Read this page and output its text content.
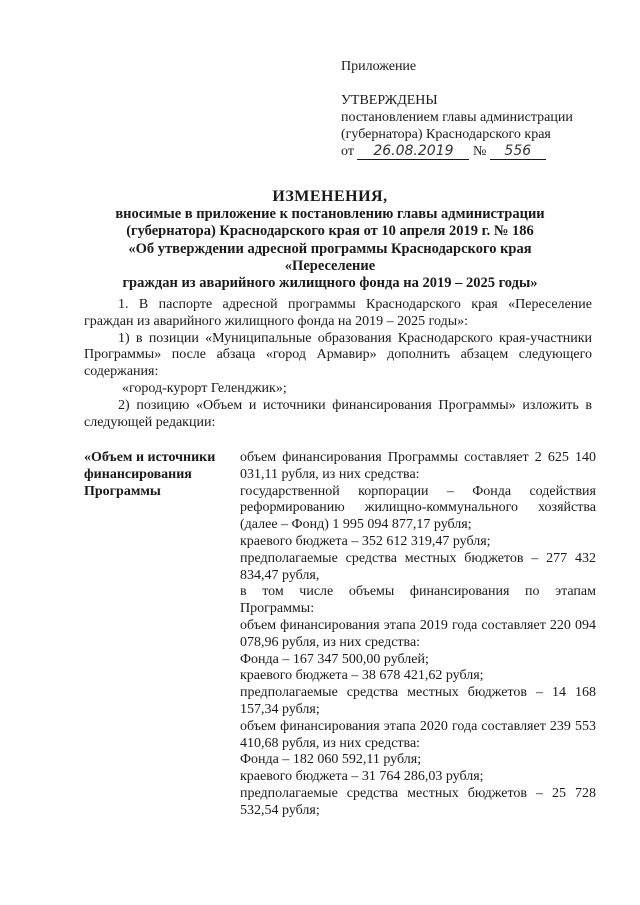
Приложение
УТВЕРЖДЕНЫ
постановлением главы администрации
(губернатора) Краснодарского края
от 26.08.2019 № 556
ИЗМЕНЕНИЯ,
вносимые в приложение к постановлению главы администрации
(губернатора) Краснодарского края от 10 апреля 2019 г. № 186
«Об утверждении адресной программы Краснодарского края «Переселение
граждан из аварийного жилищного фонда на 2019 – 2025 годы»

1. В паспорте адресной программы Краснодарского края «Переселение граждан из аварийного жилищного фонда на 2019 – 2025 годы»:

1) в позиции «Муниципальные образования Краснодарского края-участники Программы» после абзаца «город Армавир» дополнить абзацем следующего содержания:

«город-курорт Геленджик»;

2) позицию «Объем и источники финансирования Программы» изложить в следующей редакции:

«Объем и источники финансирования Программы

объем финансирования Программы составляет 2 625 140 031,11 рубля, из них средства:

государственной корпорации – Фонда содействия реформированию жилищно-коммунального хозяйства (далее – Фонд) 1 995 094 877,17 рубля;

краевого бюджета – 352 612 319,47 рубля;

предполагаемые средства местных бюджетов – 277 432 834,47 рубля,

в том числе объемы финансирования по этапам Программы:

объем финансирования этапа 2019 года составляет 220 094 078,96 рубля, из них средства:

Фонда – 167 347 500,00 рублей;

краевого бюджета – 38 678 421,62 рубля;

предполагаемые средства местных бюджетов – 14 168 157,34 рубля;

объем финансирования этапа 2020 года составляет 239 553 410,68 рубля, из них средства:

Фонда – 182 060 592,11 рубля;

краевого бюджета – 31 764 286,03 рубля;

предполагаемые средства местных бюджетов – 25 728 532,54 рубля;
